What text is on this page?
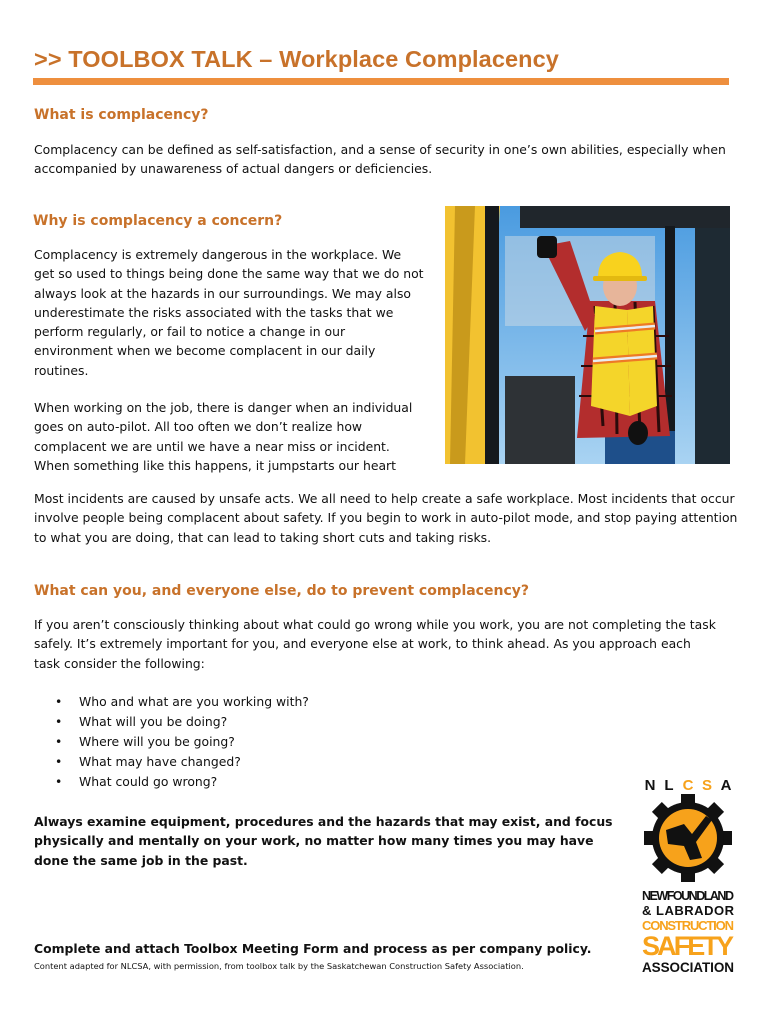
>> TOOLBOX TALK – Workplace Complacency
What is complacency?
Complacency can be defined as self-satisfaction, and a sense of security in one’s own abilities, especially when
accompanied by unawareness of actual dangers or deficiencies.
Why is complacency a concern?
Complacency is extremely dangerous in the workplace. We
get so used to things being done the same way that we do not
always look at the hazards in our surroundings. We may also
underestimate the risks associated with the tasks that we
perform regularly, or fail to notice a change in our
environment when we become complacent in our daily
routines.
When working on the job, there is danger when an individual
goes on auto-pilot. All too often we don’t realize how
complacent we are until we have a near miss or incident.
When something like this happens, it jumpstarts our heart
Most incidents are caused by unsafe acts. We all need to help create a safe workplace. Most incidents that occur
involve people being complacent about safety. If you begin to work in auto-pilot mode, and stop paying attention
to what you are doing, that can lead to taking short cuts and taking risks.
What can you, and everyone else, do to prevent complacency?
If you aren’t consciously thinking about what could go wrong while you work, you are not completing the task
safely. It’s extremely important for you, and everyone else at work, to think ahead. As you approach each
task consider the following:
• Who and what are you working with?
• What will you be doing?
• Where will you be going?
• What may have changed?
• What could go wrong?
Always examine equipment, procedures and the hazards that may exist, and focus
physically and mentally on your work, no matter how many times you may have
done the same job in the past.

Complete and attach Toolbox Meeting Form and process as per company policy.

Content adapted for NLCSA, with permission, from toolbox talk by the Saskatchewan Construction Safety Association.

N L C S A
NEWFOUNDLAND
& LABRADOR
CONSTRUCTION
SAFETY
ASSOCIATION
